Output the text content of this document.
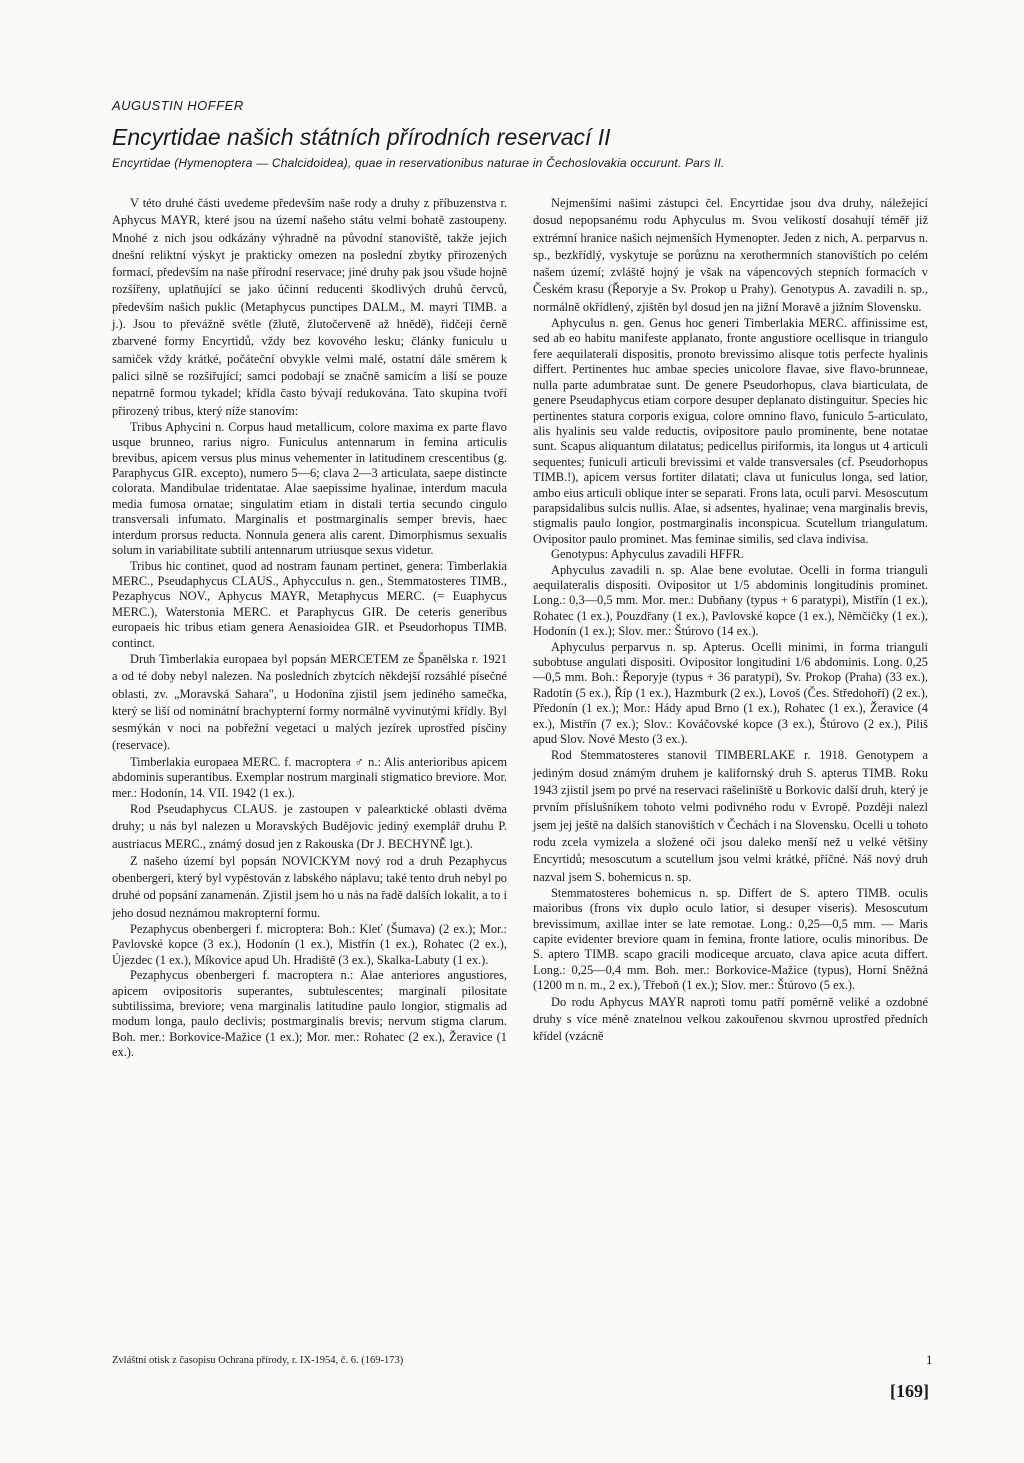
AUGUSTIN HOFFER
Encyrtidae našich státních přírodních reservací II
Encyrtidae (Hymenoptera — Chalcidoidea), quae in reservationibus naturae in Čechoslovakia occurunt. Pars II.

V této druhé části uvedeme především naše rody a druhy z příbuzenstva r. Aphycus MAYR, které jsou na území našeho státu velmi bohatě zastoupeny. Mnohé z nich jsou odkázány výhradně na původní stanoviště, takže jejich dnešní reliktní výskyt je prakticky omezen na poslední zbytky přirozených formací, především na naše přírodní reservace; jiné druhy pak jsou všude hojně rozšířeny, uplatňující se jako účinní reducenti škodlivých druhů červců, především našich puklic (Metaphycus punctipes DALM., M. mayri TIMB. a j.). Jsou to převážně světle (žlutě, žlutočerveně až hnědě), řidčeji černě zbarvené formy Encyrtidů, vždy bez kovového lesku; články funiculu u samiček vždy krátké, počáteční obvykle velmi malé, ostatní dále směrem k palici silně se rozšiřující; samci podobají se značně samicím a liší se pouze nepatrně formou tykadel; křídla častо bývají redukována. Tato skupina tvoří přirozený tribus, který níže stanovím:

Tribus Aphycini n. Corpus haud metallicum, colore maxima ex parte flavo usque brunneo, rarius nigro. Funiculus antennarum in femina articulis brevibus, apicem versus plus minus vehementer in latitudinem crescentibus (g. Paraphycus GIR. excepto), numero 5—6; clava 2—3 articulata, saepe distincte colorata. Mandibulae tridentatae. Alae saepissime hyalinae, interdum macula media fumosa ornatae; singulatim etiam in distali tertia secundo cingulo transversali infumato. Marginalis et postmarginalis semper brevis, haec interdum prorsus reducta. Nonnula genera alis carent. Dimorphismus sexualis solum in variabilitate subtili antennarum utriusque sexus videtur.

Tribus hic continet, quod ad nostram faunam pertinet, genera: Timberlakia MERC., Pseudaphycus CLAUS., Aphycculus n. gen., Stemmatosteres TIMB., Pezaphycus NOV., Aphycus MAYR, Metaphycus MERC. (= Euaphycus MERC.), Waterstonia MERC. et Paraphycus GIR. De ceteris generibus europaeis hic tribus etiam genera Aenasioidea GIR. et Pseudorhopus TIMB. continct.

Druh Timberlakia europaea byl popsán MERCETEM ze Španělska r. 1921 a od té doby nebyl nalezen. Na posledních zbytcích někdejší rozsáhlé písečné oblasti, zv. „Moravská Sahara", u Hodonína zjistil jsem jediného samečka, který se liší od nominátní brachypterní formy normálně vyvinutými křídly. Byl sesmýkán v noci na pobřežní vegetaci u malých jezírek uprostřed písčiny (reservace).

Timberlakia europaea MERC. f. macroptera ♂ n.: Alis anterioribus apicem abdominis superantibus. Exemplar nostrum marginali stigmatico breviore. Mor. mer.: Hodonín, 14. VII. 1942 (1 ex.).

Rod Pseudaphycus CLAUS. je zastoupen v palearktické oblasti dvěma druhy; u nás byl nalezen u Moravských Budějovic jediný exemplář druhu P. austriacus MERC., známý dosud jen z Rakouska (Dr J. BECHYNĚ lgt.).

Z našeho území byl popsán NOVICKYM nový rod a druh Pezaphycus obenbergeri, který byl vypěstován z labského náplavu; také tento druh nebyl po druhé od popsání zanamenán. Zjistil jsem ho u nás na řadě dalších lokalit, a to i jeho dosud neznámou makropterní formu.

Pezaphycus obenbergeri f. microptera: Boh.: Kleť (Šumava) (2 ex.); Mor.: Pavlovské kopce (3 ex.), Hodonín (1 ex.), Mistřín (1 ex.), Rohatec (2 ex.), Újezdec (1 ex.), Míkovice apud Uh. Hradiště (3 ex.), Skalka-Labuty (1 ex.).

Pezaphycus obenbergeri f. macroptera n.: Alae anteriores angustiores, apicem ovipositoris superantes, subtulescentes; marginali pilositate subtilissima, breviore; vena marginalis latitudine paulo longior, stigmalis ad modum longa, paulo declivis; postmarginalis brevis; nervum stigma clarum. Boh. mer.: Borkovice-Mažice (1 ex.); Mor. mer.: Rohatec (2 ex.), Žeravice (1 ex.).

Nejmenšími našimi zástupci čel. Encyrtidae jsou dva druhy, náležející dosud nepopsanému rodu Aphyculus m. Svou velikostí dosahují téměř již extrémní hranice našich nejmenších Hymenopter. Jeden z nich, A. perparvus n. sp., bezkřídlý, vyskytuje se porůznu na xerothermních stanovištích po celém našem území; zvláště hojný je však na vápencových stepních formacích v Českém krasu (Řeporyje a Sv. Prokop u Prahy). Genotypus A. zavadili n. sp., normálně okřídlený, zjištěn byl dosud jen na jižní Moravě a jižním Slovensku.

Aphyculus n. gen. Genus hoc generi Timberlakia MERC. affinissime est, sed ab eo habitu manifeste applanato, fronte angustiore ocellisque in triangulo fere aequilaterali dispositis, pronoto brevissimo alisque totis perfecte hyalinis differt. Pertinentes huc ambae species unicolore flavae, sive flavo-brunneae, nulla parte adumbratae sunt. De genere Pseudorhopus, clava biarticulata, de genere Pseudaphycus etiam corpore desuper deplanato distinguitur. Species hic pertinentes statura corporis exigua, colore omnino flavo, funiculo 5-articulato, alis hyalinis seu valde reductis, ovipositore paulo prominente, bene notatae sunt. Scapus aliquantum dilatatus; pedicellus piriformis, ita longus ut 4 articuli sequentes; funiculi articuli brevissimi et valde transversales (cf. Pseudorhopus TIMB.!), apicem versus fortiter dilatati; clava ut funiculus longa, sed latior, ambo eius articuli oblique inter se separati. Frons lata, oculi parvi. Mesoscutum parapsidalibus sulcis nullis. Alae, si adsentes, hyalinae; vena marginalis brevis, stigmalis paulo longior, postmarginalis inconspicua. Scutellum triangulatum. Ovipositor paulo prominet. Mas feminae similis, sed clava indivisa.

Genotypus: Aphyculus zavadili HFFR.

Aphyculus zavadili n. sp. Alae bene evolutae. Ocelli in forma trianguli aequilateralis dispositi. Ovipositor ut 1/5 abdominis longitudinis prominet. Long.: 0,3—0,5 mm. Mor. mer.: Dubňany (typus + 6 paratypi), Mistřín (1 ex.), Rohatec (1 ex.), Pouzdřany (1 ex.), Pavlovské kopce (1 ex.), Němčičky (1 ex.), Hodonín (1 ex.); Slov. mer.: Štúrovo (14 ex.).

Aphyculus perparvus n. sp. Apterus. Ocelli minimi, in forma trianguli subobtuse angulati dispositi. Ovipositor longitudini 1/6 abdominis. Long. 0,25—0,5 mm. Boh.: Řeporyje (typus + 36 paratypi), Sv. Prokop (Praha) (33 ex.), Radotín (5 ex.), Říp (1 ex.), Hazmburk (2 ex.), Lovoš (Čes. Středohoří) (2 ex.), Předonín (1 ex.); Mor.: Hády apud Brno (1 ex.), Rohatec (1 ex.), Žeravice (4 ex.), Mistřín (7 ex.); Slov.: Kováčovské kopce (3 ex.), Štúrovo (2 ex.), Piliš apud Slov. Nové Mesto (3 ex.).

Rod Stemmatosteres stanovil TIMBERLAKE r. 1918. Genotypem a jediným dosud známým druhem je kalifornský druh S. apterus TIMB. Roku 1943 zjistil jsem po prvé na reservaci rašeliniště u Borkovic další druh, který je prvním příslušníkem tohoto velmi podivného rodu v Evropě. Později nalezl jsem jej ještě na dalších stanovištích v Čechách i na Slovensku. Ocelli u tohoto rodu zcela vymizela a složené oči jsou daleko menší než u velké většiny Encyrtidů; mesoscutum a scutellum jsou velmi krátké, příčné. Náš nový druh nazval jsem S. bohemicus n. sp.

Stemmatosteres bohemicus n. sp. Differt de S. aptero TIMB. oculis maioribus (frons vix duplo oculo latior, si desuper viseris). Mesoscutum brevissimum, axillae inter se late remotae. Long.: 0,25—0,5 mm. — Maris capite evidenter breviore quam in femina, fronte latiore, oculis minoribus. De S. aptero TIMB. scapo gracili modiceque arcuato, clava apice acuta differt. Long.: 0,25—0,4 mm. Boh. mer.: Borkovice-Mažice (typus), Horní Sněžná (1200 m n. m., 2 ex.), Třeboň (1 ex.); Slov. mer.: Štúrovo (5 ex.).

Do rodu Aphycus MAYR naproti tomu patří poměrně veliké a ozdobné druhy s více méně znatelnou velkou zakouřenou skvrnou uprostřed předních křídel (vzácně

Zvláštní otisk z časopisu Ochrana přírody, r. IX-1954, č. 6. (169-173)	1
[169]
